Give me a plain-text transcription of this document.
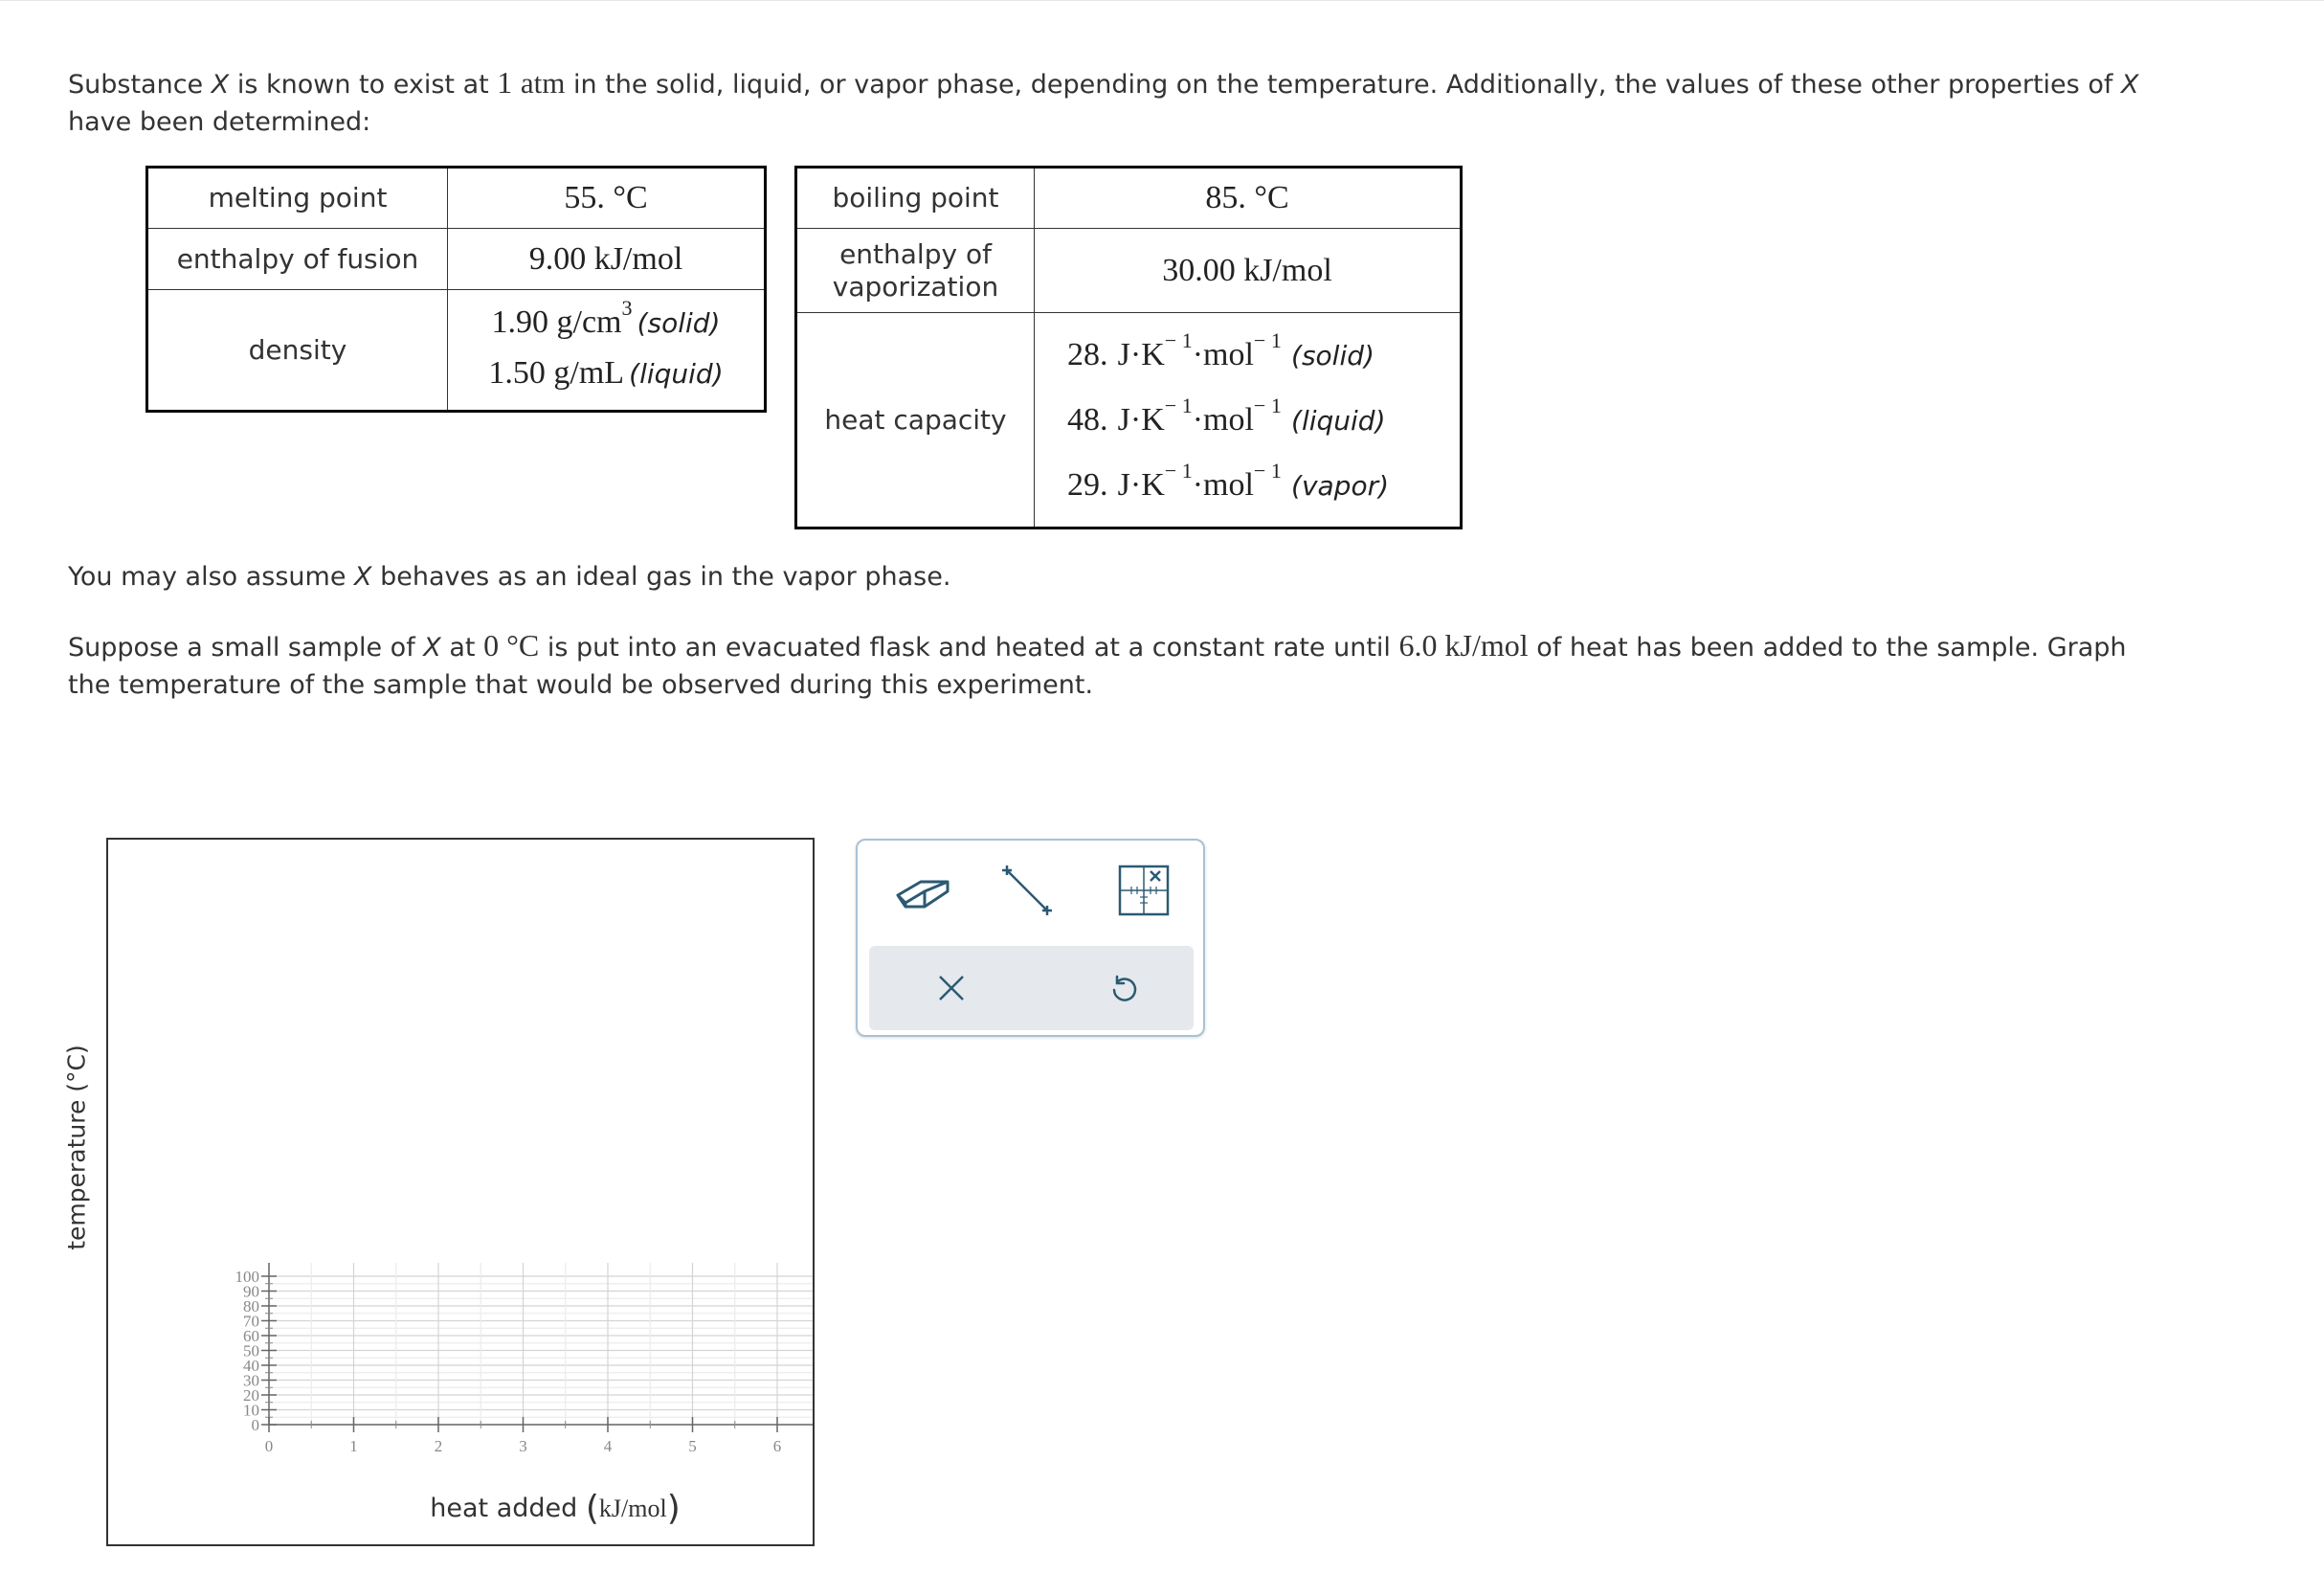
Substance X is known to exist at 1 atm in the solid, liquid, or vapor phase, depending on the temperature. Additionally, the values of these other properties of X

have been determined:

melting point	55. °C
enthalpy of fusion	9.00 kJ/mol
density	1.90 $g/cm^3$ (solid)
1.50 g/mL (liquid)
boiling point	85. °C

enthalpy of
vaporization	30.00 kJ/mol
heat capacity	28. $J\cdot K^{- 1}\cdot mol^{- 1}$ (solid)
48. $J\cdot K^{- 1}\cdot mol^{- 1}$ (liquid)
29. $J\cdot K^{- 1}\cdot mol^{- 1}$ (vapor)

You may also assume X behaves as an ideal gas in the vapor phase.

Suppose a small sample of X at 0 °C is put into an evacuated flask and heated at a constant rate until 6.0 kJ/mol of heat has been added to the sample. Graph

the temperature of the sample that would be observed during this experiment.

0
10
20
30
40
50
60
70
80
90
100
0	1	2	3	4	5	6
temperature (°C)
heat added (kJ/mol)
